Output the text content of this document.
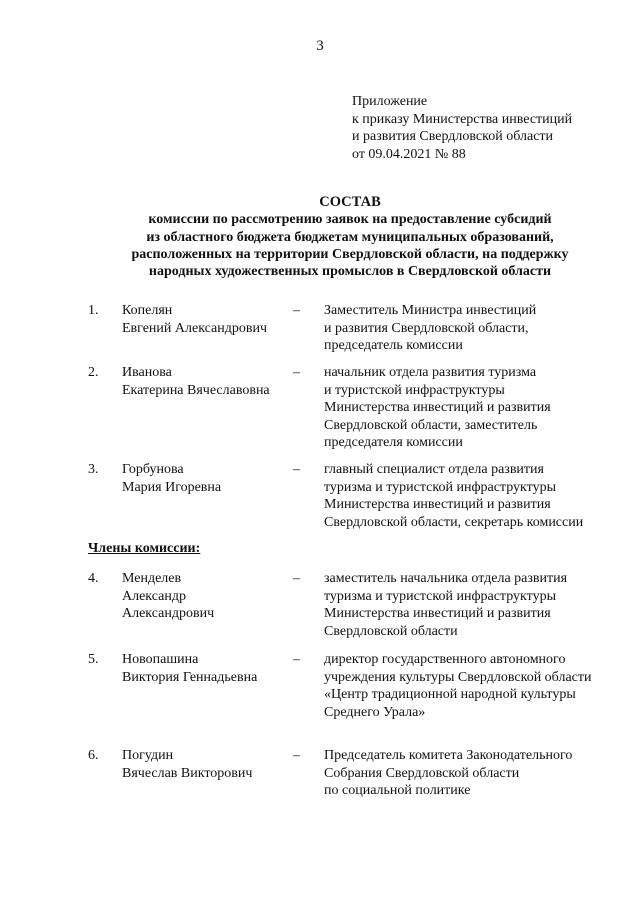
3
Приложение
к приказу Министерства инвестиций
и развития Свердловской области
от 09.04.2021 № 88
СОСТАВ
комиссии по рассмотрению заявок на предоставление субсидий
из областного бюджета бюджетам муниципальных образований,
расположенных на территории Свердловской области, на поддержку
народных художественных промыслов в Свердловской области
1. Копелян
Евгений Александрович
– Заместитель Министра инвестиций
и развития Свердловской области,
председатель комиссии
2. Иванова
Екатерина Вячеславовна
– начальник отдела развития туризма
и туристской инфраструктуры
Министерства инвестиций и развития
Свердловской области, заместитель
председателя комиссии
3. Горбунова
Мария Игоревна
– главный специалист отдела развития
туризма и туристской инфраструктуры
Министерства инвестиций и развития
Свердловской области, секретарь комиссии
Члены комиссии:
4. Менделев
Александр
Александрович
– заместитель начальника отдела развития
туризма и туристской инфраструктуры
Министерства инвестиций и развития
Свердловской области
5. Новопашина
Виктория Геннадьевна
– директор государственного автономного
учреждения культуры Свердловской области
«Центр традиционной народной культуры
Среднего Урала»
6. Погудин
Вячеслав Викторович
– Председатель комитета Законодательного
Собрания Свердловской области
по социальной политике
